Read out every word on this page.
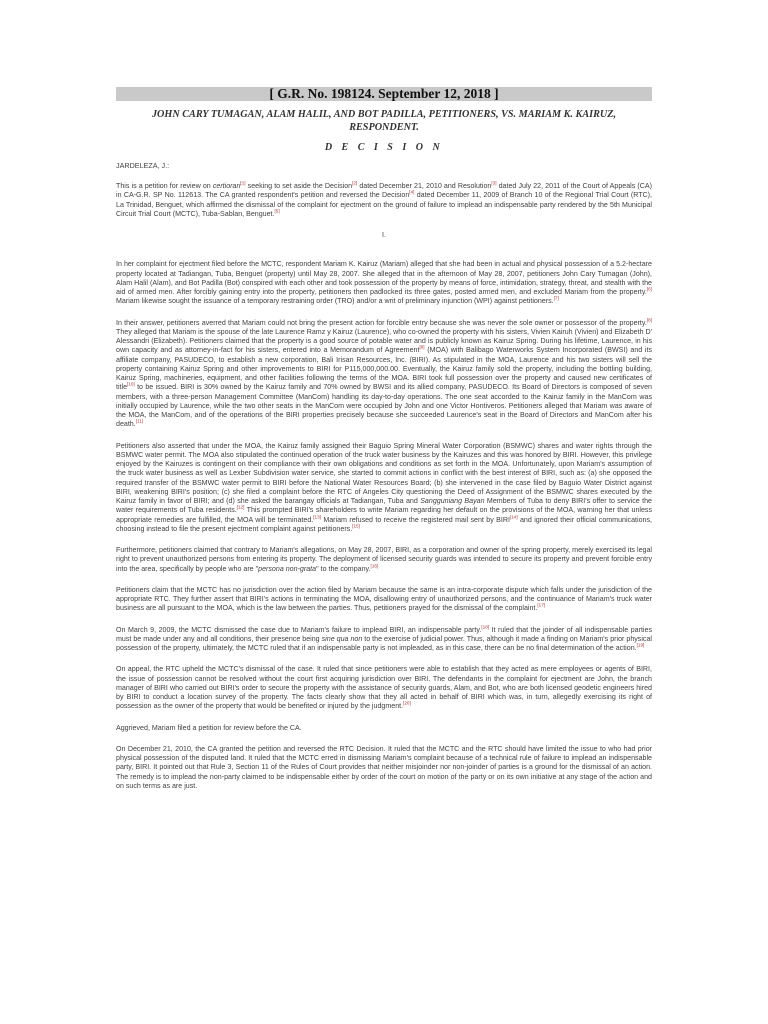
[ G.R. No. 198124. September 12, 2018 ]
JOHN CARY TUMAGAN, ALAM HALIL, AND BOT PADILLA, PETITIONERS, VS. MARIAM K. KAIRUZ, RESPONDENT.
D E C I S I O N
JARDELEZA, J.:

This is a petition for review on certiorari[1] seeking to set aside the Decision[2] dated December 21, 2010 and Resolution[3] dated July 22, 2011 of the Court of Appeals (CA) in CA-G.R. SP No. 112613. The CA granted respondent's petition and reversed the Decision[4] dated December 11, 2009 of Branch 10 of the Regional Trial Court (RTC), La Trinidad, Benguet, which affirmed the dismissal of the complaint for ejectment on the ground of failure to implead an indispensable party rendered by the 5th Municipal Circuit Trial Court (MCTC), Tuba-Sablan, Benguet.[5]

I.

In her complaint for ejectment filed before the MCTC, respondent Mariam K. Kairuz (Mariam) alleged that she had been in actual and physical possession of a 5.2-hectare property located at Tadiangan, Tuba, Benguet (property) until May 28, 2007. She alleged that in the afternoon of May 28, 2007, petitioners John Cary Tumagan (John), Alam Halil (Alam), and Bot Padilla (Bot) conspired with each other and took possession of the property by means of force, intimidation, strategy, threat, and stealth with the aid of armed men. After forcibly gaining entry into the property, petitioners then padlocked its three gates, posted armed men, and excluded Mariam from the property.[6] Mariam likewise sought the issuance of a temporary restraining order (TRO) and/or a writ of preliminary injunction (WPI) against petitioners.[7]

In their answer, petitioners averred that Mariam could not bring the present action for forcible entry because she was never the sole owner or possessor of the property.[8] They alleged that Mariam is the spouse of the late Laurence Ramz y Kairuz (Laurence), who co-owned the property with his sisters, Vivien Kairuh (Vivien) and Elizabeth D' Alessandri (Elizabeth). Petitioners claimed that the property is a good source of potable water and is publicly known as Kairuz Spring. During his lifetime, Laurence, in his own capacity and as attorney-in-fact for his sisters, entered into a Memorandum of Agreement[9] (MOA) with Balibago Waterworks System Incorporated (BWSI) and its affiliate company, PASUDECO, to establish a new corporation, Bali Irisan Resources, Inc. (BIRI). As stipulated in the MOA, Laurence and his two sisters will sell the property containing Kairuz Spring and other improvements to BIRI for P115,000,000.00. Eventually, the Kairuz family sold the property, including the bottling building, Kairuz Spring, machineries, equipment, and other facilities following the terms of the MOA. BIRI took full possession over the property and caused new certificates of title[10] to be issued. BIRI is 30% owned by the Kairuz family and 70% owned by BWSI and its allied company, PASUDECO. Its Board of Directors is composed of seven members, with a three-person Management Committee (ManCom) handling its day-to-day operations. The one seat accorded to the Kairuz family in the ManCom was initially occupied by Laurence, while the two other seats in the ManCom were occupied by John and one Victor Hontiveros. Petitioners alleged that Mariam was aware of the MOA, the ManCom, and of the operations of the BIRI properties precisely because she succeeded Laurence's seat in the Board of Directors and ManCom after his death.[11]

Petitioners also asserted that under the MOA, the Kairuz family assigned their Baguio Spring Mineral Water Corporation (BSMWC) shares and water rights through the BSMWC water permit. The MOA also stipulated the continued operation of the truck water business by the Kairuzes and this was honored by BIRI. However, this privilege enjoyed by the Kairuzes is contingent on their compliance with their own obligations and conditions as set forth in the MOA. Unfortunately, upon Mariam's assumption of the truck water business as well as Lexber Subdivision water service, she started to commit actions in conflict with the best interest of BIRI, such as: (a) she opposed the required transfer of the BSMWC water permit to BIRI before the National Water Resources Board; (b) she intervened in the case filed by Baguio Water District against BIRI, weakening BIRI's position; (c) she filed a complaint before the RTC of Angeles City questioning the Deed of Assignment of the BSMWC shares executed by the Kairuz family in favor of BIRI; and (d) she asked the barangay officials at Tadiangan, Tuba and Sangguniang Bayan Members of Tuba to deny BIRI's offer to service the water requirements of Tuba residents.[12] This prompted BIRI's shareholders to write Mariam regarding her default on the provisions of the MOA, warning her that unless appropriate remedies are fulfilled, the MOA will be terminated.[13] Mariam refused to receive the registered mail sent by BIRI[14] and ignored their official communications, choosing instead to file the present ejectment complaint against petitioners.[15]

Furthermore, petitioners claimed that contrary to Mariam's allegations, on May 28, 2007, BIRI, as a corporation and owner of the spring property, merely exercised its legal right to prevent unauthorized persons from entering its property. The deployment of licensed security guards was intended to secure its property and prevent forcible entry into the area, specifically by people who are "persona non-grata" to the company.[16]

Petitioners claim that the MCTC has no jurisdiction over the action filed by Mariam because the same is an intra-corporate dispute which falls under the jurisdiction of the appropriate RTC. They further assert that BIRI's actions in terminating the MOA, disallowing entry of unauthorized persons, and the continuance of Mariam's truck water business are all pursuant to the MOA, which is the law between the parties. Thus, petitioners prayed for the dismissal of the complaint.[17]

On March 9, 2009, the MCTC dismissed the case due to Mariam's failure to implead BIRI, an indispensable party.[18] It ruled that the joinder of all indispensable parties must be made under any and all conditions, their presence being sine qua non to the exercise of judicial power. Thus, although it made a finding on Mariam's prior physical possession of the property, ultimately, the MCTC ruled that if an indispensable party is not impleaded, as in this case, there can be no final determination of the action.[19]

On appeal, the RTC upheld the MCTC's dismissal of the case. It ruled that since petitioners were able to establish that they acted as mere employees or agents of BIRI, the issue of possession cannot be resolved without the court first acquiring jurisdiction over BIRI. The defendants in the complaint for ejectment are John, the branch manager of BIRI who carried out BIRI's order to secure the property with the assistance of security guards, Alam, and Bot, who are both licensed geodetic engineers hired by BIRI to conduct a location survey of the property. The facts clearly show that they all acted in behalf of BIRI which was, in turn, allegedly exercising its right of possession as the owner of the property that would be benefited or injured by the judgment.[20]

Aggrieved, Mariam filed a petition for review before the CA.

On December 21, 2010, the CA granted the petition and reversed the RTC Decision. It ruled that the MCTC and the RTC should have limited the issue to who had prior physical possession of the disputed land. It ruled that the MCTC erred in dismissing Mariam's complaint because of a technical rule of failure to implead an indispensable party, BIRI. It pointed out that Rule 3, Section 11 of the Rules of Court provides that neither misjoinder nor non-joinder of parties is a ground for the dismissal of an action. The remedy is to implead the non-party claimed to be indispensable either by order of the court on motion of the party or on its own initiative at any stage of the action and on such terms as are just.
